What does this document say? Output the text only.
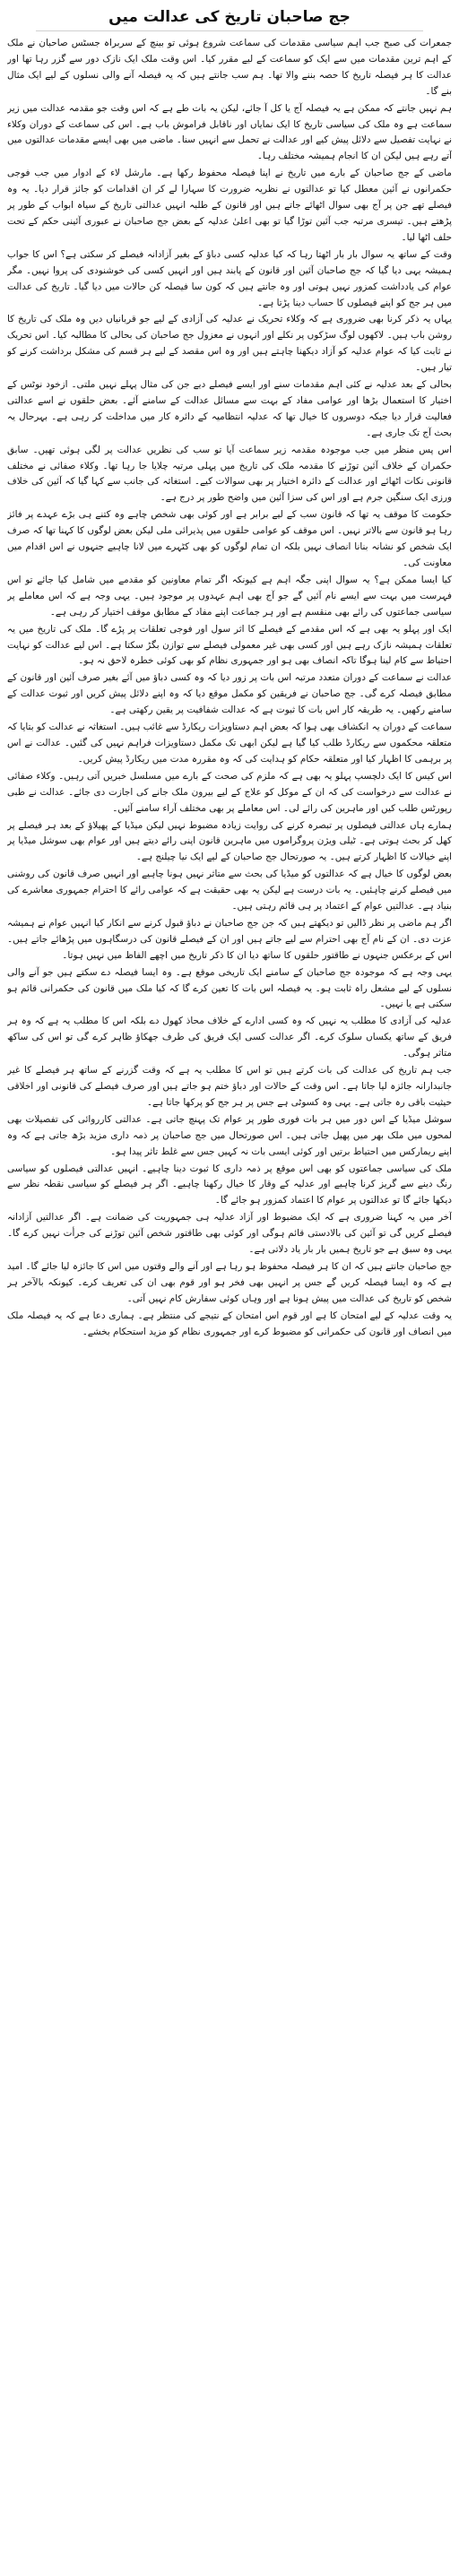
جج صاحبان تاریخ کی عدالت میں

جمعرات کی صبح جب اہم سیاسی مقدمات کی سماعت شروع ہوئی تو بینچ کے سربراہ جسٹس صاحبان نے ملک کے اہم ترین مقدمات میں سے ایک کو سماعت کے لیے مقرر کیا۔ اس وقت ملک ایک نازک دور سے گزر رہا تھا اور عدالت کا ہر فیصلہ تاریخ کا حصہ بننے والا تھا۔ ہم سب جانتے ہیں کہ یہ فیصلہ آنے والی نسلوں کے لیے ایک مثال بنے گا۔

ہم نہیں جانتے کہ ممکن ہے یہ فیصلہ آج یا کل آ جائے، لیکن یہ بات طے ہے کہ اس وقت جو مقدمہ عدالت میں زیر سماعت ہے وہ ملک کی سیاسی تاریخ کا ایک نمایاں اور ناقابل فراموش باب ہے۔ اس کی سماعت کے دوران وکلاء نے نہایت تفصیل سے دلائل پیش کیے اور عدالت نے تحمل سے انہیں سنا۔ ماضی میں بھی ایسے مقدمات عدالتوں میں آتے رہے ہیں لیکن ان کا انجام ہمیشہ مختلف رہا۔

ماضی کے جج صاحبان کے بارے میں تاریخ نے اپنا فیصلہ محفوظ رکھا ہے۔ مارشل لاء کے ادوار میں جب فوجی حکمرانوں نے آئین معطل کیا تو عدالتوں نے نظریہ ضرورت کا سہارا لے کر ان اقدامات کو جائز قرار دیا۔ یہ وہ فیصلے تھے جن پر آج بھی سوال اٹھائے جاتے ہیں اور قانون کے طلبہ انہیں عدالتی تاریخ کے سیاہ ابواب کے طور پر پڑھتے ہیں۔ تیسری مرتبہ جب آئین توڑا گیا تو بھی اعلیٰ عدلیہ کے بعض جج صاحبان نے عبوری آئینی حکم کے تحت حلف اٹھا لیا۔

وقت کے ساتھ یہ سوال بار بار اٹھتا رہا کہ کیا عدلیہ کسی دباؤ کے بغیر آزادانہ فیصلے کر سکتی ہے؟ اس کا جواب ہمیشہ یہی دیا گیا کہ جج صاحبان آئین اور قانون کے پابند ہیں اور انہیں کسی کی خوشنودی کی پروا نہیں۔ مگر عوام کی یادداشت کمزور نہیں ہوتی اور وہ جانتے ہیں کہ کون سا فیصلہ کن حالات میں دیا گیا۔ تاریخ کی عدالت میں ہر جج کو اپنے فیصلوں کا حساب دینا پڑتا ہے۔

یہاں یہ ذکر کرنا بھی ضروری ہے کہ وکلاء تحریک نے عدلیہ کی آزادی کے لیے جو قربانیاں دیں وہ ملک کی تاریخ کا روشن باب ہیں۔ لاکھوں لوگ سڑکوں پر نکلے اور انہوں نے معزول جج صاحبان کی بحالی کا مطالبہ کیا۔ اس تحریک نے ثابت کیا کہ عوام عدلیہ کو آزاد دیکھنا چاہتے ہیں اور وہ اس مقصد کے لیے ہر قسم کی مشکل برداشت کرنے کو تیار ہیں۔

بحالی کے بعد عدلیہ نے کئی اہم مقدمات سنے اور ایسے فیصلے دیے جن کی مثال پہلے نہیں ملتی۔ ازخود نوٹس کے اختیار کا استعمال بڑھا اور عوامی مفاد کے بہت سے مسائل عدالت کے سامنے آئے۔ بعض حلقوں نے اسے عدالتی فعالیت قرار دیا جبکہ دوسروں کا خیال تھا کہ عدلیہ انتظامیہ کے دائرہ کار میں مداخلت کر رہی ہے۔ بہرحال یہ بحث آج تک جاری ہے۔

اس پس منظر میں جب موجودہ مقدمہ زیر سماعت آیا تو سب کی نظریں عدالت پر لگی ہوئی تھیں۔ سابق حکمران کے خلاف آئین توڑنے کا مقدمہ ملک کی تاریخ میں پہلی مرتبہ چلایا جا رہا تھا۔ وکلاء صفائی نے مختلف قانونی نکات اٹھائے اور عدالت کے دائرہ اختیار پر بھی سوالات کیے۔ استغاثہ کی جانب سے کہا گیا کہ آئین کی خلاف ورزی ایک سنگین جرم ہے اور اس کی سزا آئین میں واضح طور پر درج ہے۔

حکومت کا موقف یہ تھا کہ قانون سب کے لیے برابر ہے اور کوئی بھی شخص چاہے وہ کتنے ہی بڑے عہدے پر فائز رہا ہو قانون سے بالاتر نہیں۔ اس موقف کو عوامی حلقوں میں پذیرائی ملی لیکن بعض لوگوں کا کہنا تھا کہ صرف ایک شخص کو نشانہ بنانا انصاف نہیں بلکہ ان تمام لوگوں کو بھی کٹہرے میں لانا چاہیے جنہوں نے اس اقدام میں معاونت کی۔

کیا ایسا ممکن ہے؟ یہ سوال اپنی جگہ اہم ہے کیونکہ اگر تمام معاونین کو مقدمے میں شامل کیا جائے تو اس فہرست میں بہت سے ایسے نام آئیں گے جو آج بھی اہم عہدوں پر موجود ہیں۔ یہی وجہ ہے کہ اس معاملے پر سیاسی جماعتوں کی رائے بھی منقسم ہے اور ہر جماعت اپنے مفاد کے مطابق موقف اختیار کر رہی ہے۔

ایک اور پہلو یہ بھی ہے کہ اس مقدمے کے فیصلے کا اثر سول اور فوجی تعلقات پر پڑے گا۔ ملک کی تاریخ میں یہ تعلقات ہمیشہ نازک رہے ہیں اور کسی بھی غیر معمولی فیصلے سے توازن بگڑ سکتا ہے۔ اس لیے عدالت کو نہایت احتیاط سے کام لینا ہوگا تاکہ انصاف بھی ہو اور جمہوری نظام کو بھی کوئی خطرہ لاحق نہ ہو۔

عدالت نے سماعت کے دوران متعدد مرتبہ اس بات پر زور دیا کہ وہ کسی دباؤ میں آئے بغیر صرف آئین اور قانون کے مطابق فیصلہ کرے گی۔ جج صاحبان نے فریقین کو مکمل موقع دیا کہ وہ اپنے دلائل پیش کریں اور ثبوت عدالت کے سامنے رکھیں۔ یہ طریقہ کار اس بات کا ثبوت ہے کہ عدالت شفافیت پر یقین رکھتی ہے۔

سماعت کے دوران یہ انکشاف بھی ہوا کہ بعض اہم دستاویزات ریکارڈ سے غائب ہیں۔ استغاثہ نے عدالت کو بتایا کہ متعلقہ محکموں سے ریکارڈ طلب کیا گیا ہے لیکن ابھی تک مکمل دستاویزات فراہم نہیں کی گئیں۔ عدالت نے اس پر برہمی کا اظہار کیا اور متعلقہ حکام کو ہدایت کی کہ وہ مقررہ مدت میں ریکارڈ پیش کریں۔

اس کیس کا ایک دلچسپ پہلو یہ بھی ہے کہ ملزم کی صحت کے بارے میں مسلسل خبریں آتی رہیں۔ وکلاء صفائی نے عدالت سے درخواست کی کہ ان کے موکل کو علاج کے لیے بیرون ملک جانے کی اجازت دی جائے۔ عدالت نے طبی رپورٹس طلب کیں اور ماہرین کی رائے لی۔ اس معاملے پر بھی مختلف آراء سامنے آئیں۔

ہمارے ہاں عدالتی فیصلوں پر تبصرہ کرنے کی روایت زیادہ مضبوط نہیں لیکن میڈیا کے پھیلاؤ کے بعد ہر فیصلے پر کھل کر بحث ہوتی ہے۔ ٹیلی ویژن پروگراموں میں ماہرین قانون اپنی رائے دیتے ہیں اور عوام بھی سوشل میڈیا پر اپنے خیالات کا اظہار کرتے ہیں۔ یہ صورتحال جج صاحبان کے لیے ایک نیا چیلنج ہے۔

بعض لوگوں کا خیال ہے کہ عدالتوں کو میڈیا کی بحث سے متاثر نہیں ہونا چاہیے اور انہیں صرف قانون کی روشنی میں فیصلے کرنے چاہئیں۔ یہ بات درست ہے لیکن یہ بھی حقیقت ہے کہ عوامی رائے کا احترام جمہوری معاشرے کی بنیاد ہے۔ عدالتیں عوام کے اعتماد پر ہی قائم رہتی ہیں۔

اگر ہم ماضی پر نظر ڈالیں تو دیکھتے ہیں کہ جن جج صاحبان نے دباؤ قبول کرنے سے انکار کیا انہیں عوام نے ہمیشہ عزت دی۔ ان کے نام آج بھی احترام سے لیے جاتے ہیں اور ان کے فیصلے قانون کی درسگاہوں میں پڑھائے جاتے ہیں۔ اس کے برعکس جنہوں نے طاقتور حلقوں کا ساتھ دیا ان کا ذکر تاریخ میں اچھے الفاظ میں نہیں ہوتا۔

یہی وجہ ہے کہ موجودہ جج صاحبان کے سامنے ایک تاریخی موقع ہے۔ وہ ایسا فیصلہ دے سکتے ہیں جو آنے والی نسلوں کے لیے مشعل راہ ثابت ہو۔ یہ فیصلہ اس بات کا تعین کرے گا کہ کیا ملک میں قانون کی حکمرانی قائم ہو سکتی ہے یا نہیں۔

عدلیہ کی آزادی کا مطلب یہ نہیں کہ وہ کسی ادارے کے خلاف محاذ کھول دے بلکہ اس کا مطلب یہ ہے کہ وہ ہر فریق کے ساتھ یکساں سلوک کرے۔ اگر عدالت کسی ایک فریق کی طرف جھکاؤ ظاہر کرے گی تو اس کی ساکھ متاثر ہوگی۔

جب ہم تاریخ کی عدالت کی بات کرتے ہیں تو اس کا مطلب یہ ہے کہ وقت گزرنے کے ساتھ ہر فیصلے کا غیر جانبدارانہ جائزہ لیا جاتا ہے۔ اس وقت کے حالات اور دباؤ ختم ہو جاتے ہیں اور صرف فیصلے کی قانونی اور اخلاقی حیثیت باقی رہ جاتی ہے۔ یہی وہ کسوٹی ہے جس پر ہر جج کو پرکھا جاتا ہے۔

سوشل میڈیا کے اس دور میں ہر بات فوری طور پر عوام تک پہنچ جاتی ہے۔ عدالتی کارروائی کی تفصیلات بھی لمحوں میں ملک بھر میں پھیل جاتی ہیں۔ اس صورتحال میں جج صاحبان پر ذمہ داری مزید بڑھ جاتی ہے کہ وہ اپنے ریمارکس میں احتیاط برتیں اور کوئی ایسی بات نہ کہیں جس سے غلط تاثر پیدا ہو۔

ملک کی سیاسی جماعتوں کو بھی اس موقع پر ذمہ داری کا ثبوت دینا چاہیے۔ انہیں عدالتی فیصلوں کو سیاسی رنگ دینے سے گریز کرنا چاہیے اور عدلیہ کے وقار کا خیال رکھنا چاہیے۔ اگر ہر فیصلے کو سیاسی نقطہ نظر سے دیکھا جائے گا تو عدالتوں پر عوام کا اعتماد کمزور ہو جائے گا۔

آخر میں یہ کہنا ضروری ہے کہ ایک مضبوط اور آزاد عدلیہ ہی جمہوریت کی ضمانت ہے۔ اگر عدالتیں آزادانہ فیصلے کریں گی تو آئین کی بالادستی قائم ہوگی اور کوئی بھی طاقتور شخص آئین توڑنے کی جرأت نہیں کرے گا۔ یہی وہ سبق ہے جو تاریخ ہمیں بار بار یاد دلاتی ہے۔

جج صاحبان جانتے ہیں کہ ان کا ہر فیصلہ محفوظ ہو رہا ہے اور آنے والے وقتوں میں اس کا جائزہ لیا جائے گا۔ امید ہے کہ وہ ایسا فیصلہ کریں گے جس پر انہیں بھی فخر ہو اور قوم بھی ان کی تعریف کرے۔ کیونکہ بالآخر ہر شخص کو تاریخ کی عدالت میں پیش ہونا ہے اور وہاں کوئی سفارش کام نہیں آتی۔

یہ وقت عدلیہ کے لیے امتحان کا ہے اور قوم اس امتحان کے نتیجے کی منتظر ہے۔ ہماری دعا ہے کہ یہ فیصلہ ملک میں انصاف اور قانون کی حکمرانی کو مضبوط کرے اور جمہوری نظام کو مزید استحکام بخشے۔
